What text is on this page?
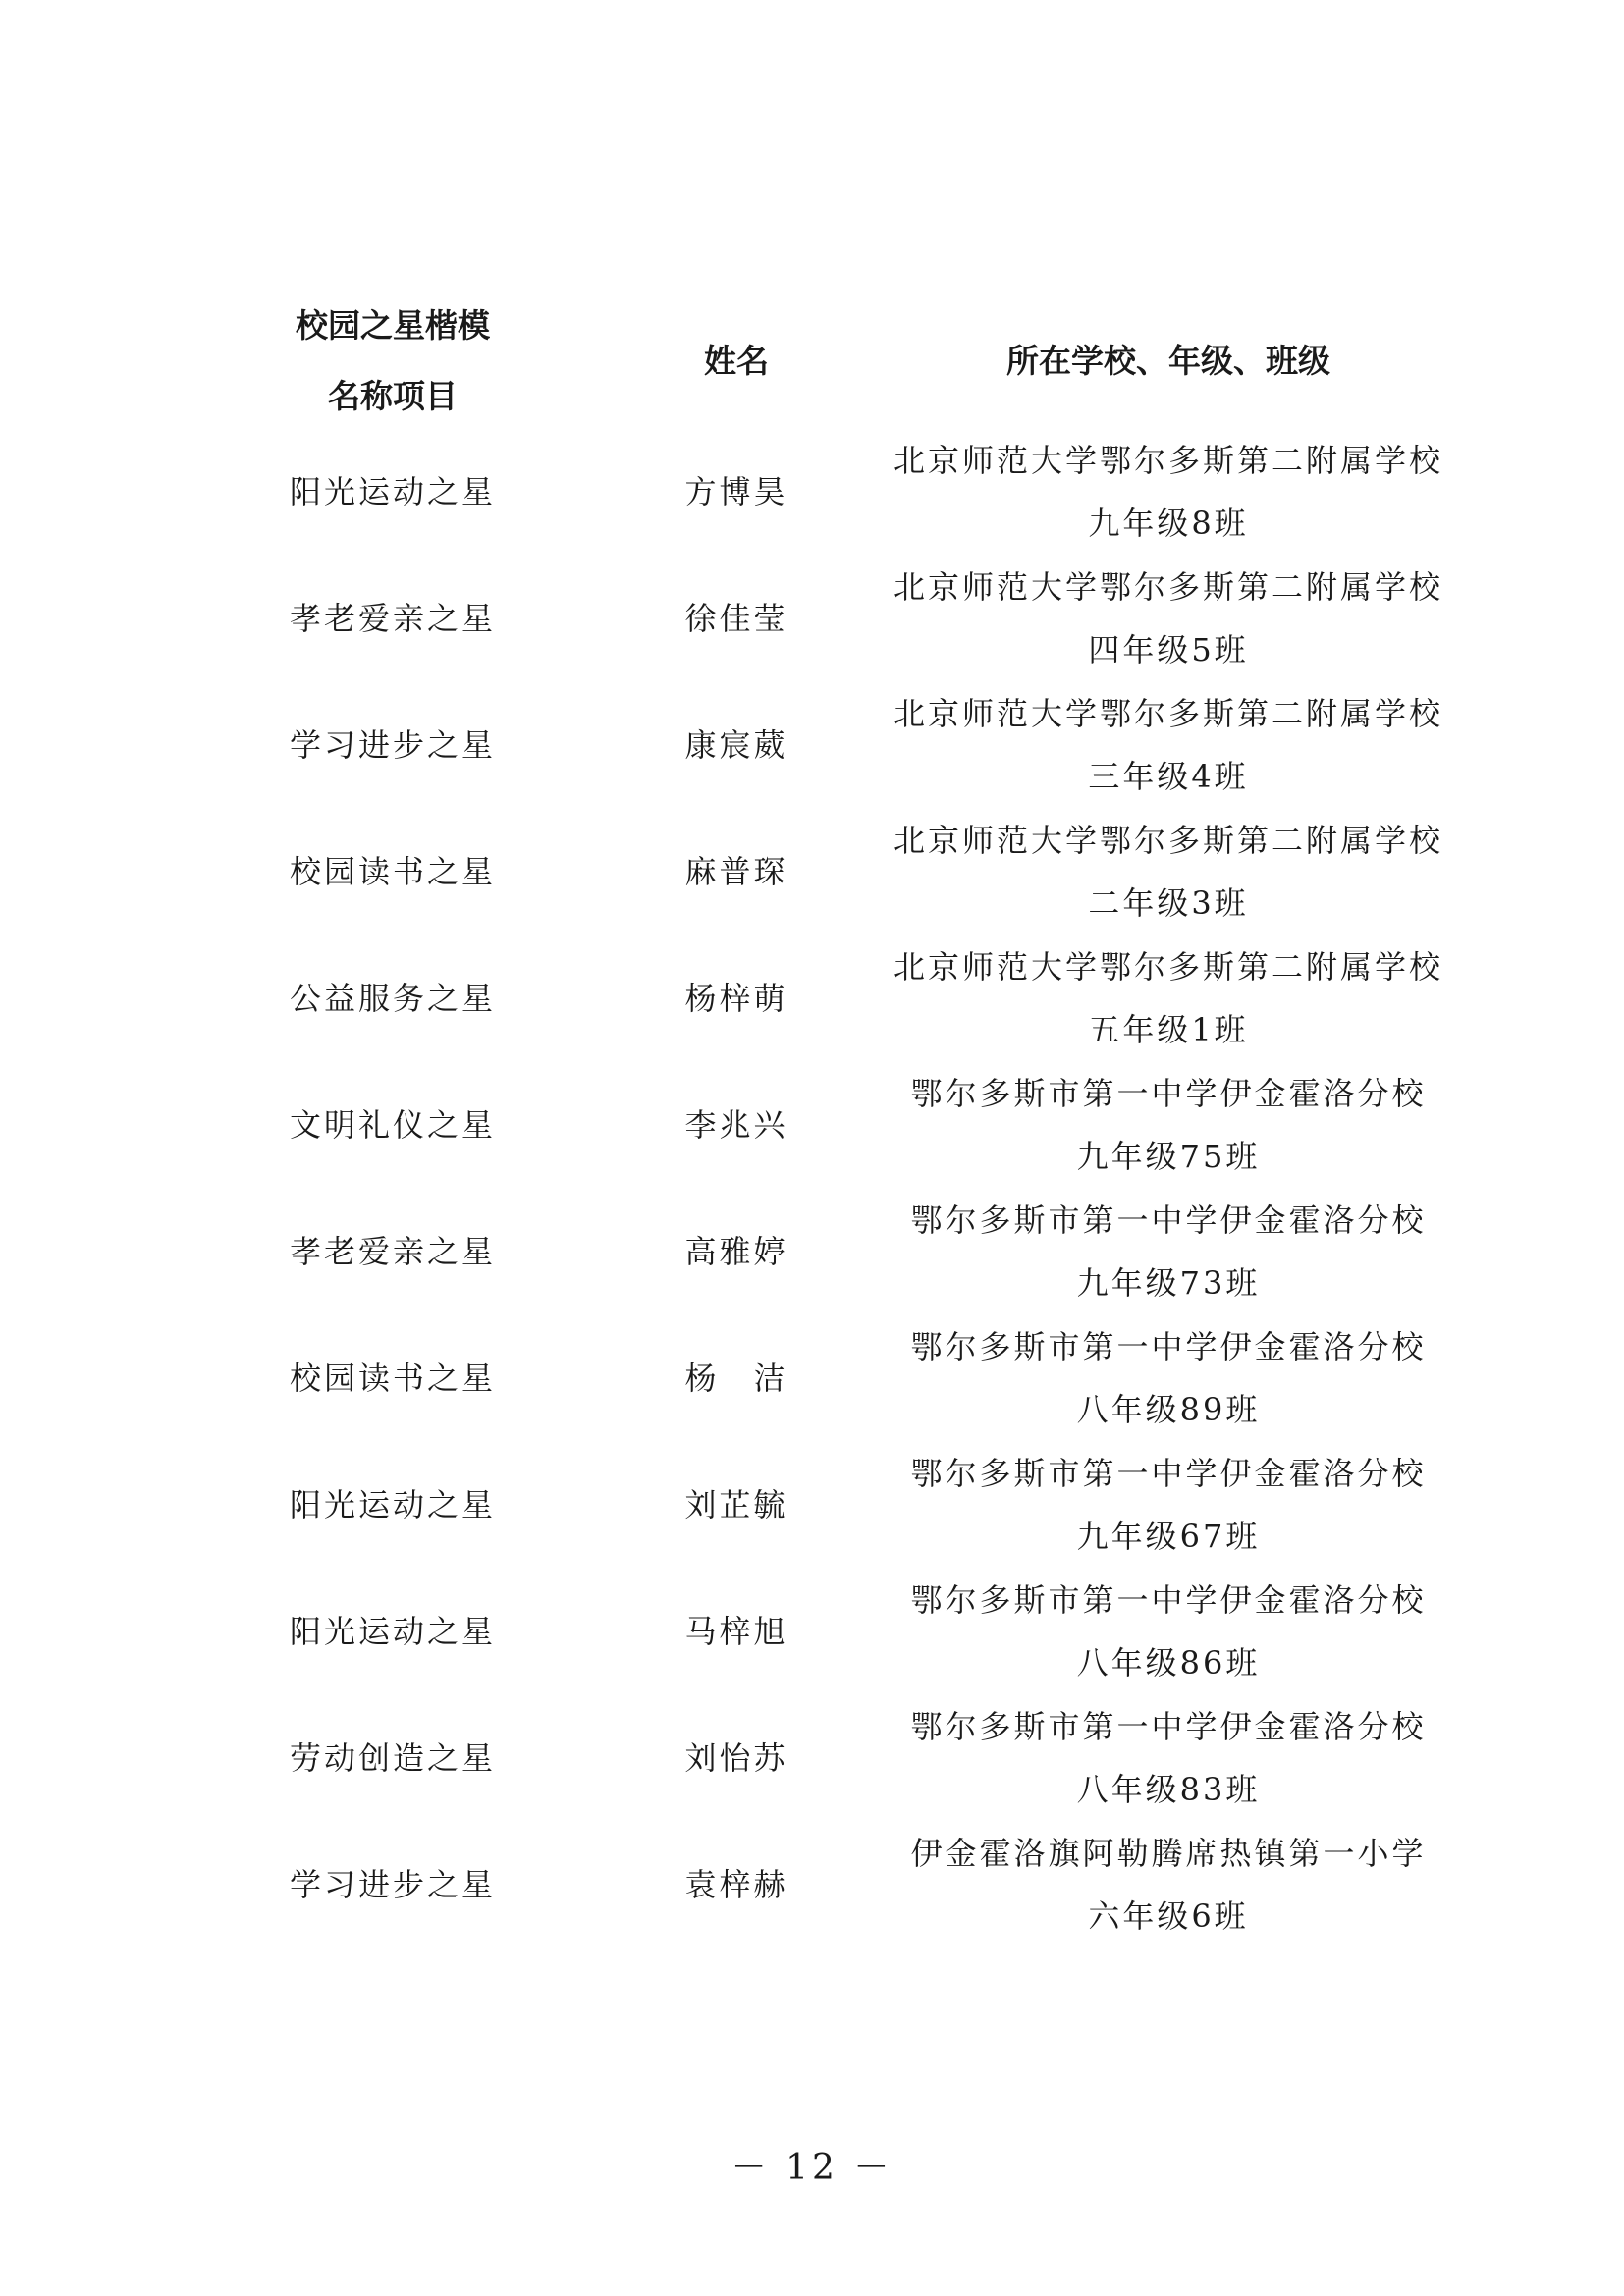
校园之星楷模
名称项目
姓名	所在学校、年级、班级
阳光运动之星	方博昊
北京师范大学鄂尔多斯第二附属学校
九年级8班
孝老爱亲之星	徐佳莹
北京师范大学鄂尔多斯第二附属学校
四年级5班
学习进步之星	康宸葳
北京师范大学鄂尔多斯第二附属学校
三年级4班
校园读书之星	麻普琛
北京师范大学鄂尔多斯第二附属学校
二年级3班
公益服务之星	杨梓萌
北京师范大学鄂尔多斯第二附属学校
五年级1班
文明礼仪之星	李兆兴
鄂尔多斯市第一中学伊金霍洛分校
九年级75班
孝老爱亲之星	高雅婷
鄂尔多斯市第一中学伊金霍洛分校
九年级73班
校园读书之星	杨　洁
鄂尔多斯市第一中学伊金霍洛分校
八年级89班
阳光运动之星	刘芷毓
鄂尔多斯市第一中学伊金霍洛分校
九年级67班
阳光运动之星	马梓旭
鄂尔多斯市第一中学伊金霍洛分校
八年级86班
劳动创造之星	刘怡苏
鄂尔多斯市第一中学伊金霍洛分校
八年级83班
学习进步之星	袁梓赫
伊金霍洛旗阿勒腾席热镇第一小学
六年级6班
－ 12 －
